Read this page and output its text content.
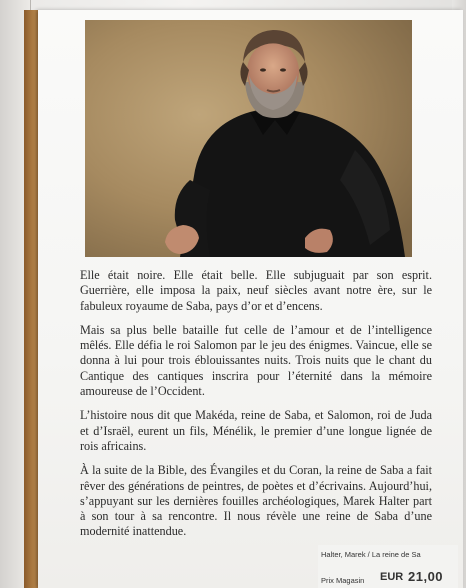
Elle était noire. Elle était belle. Elle subjuguait par son esprit. Guerrière, elle imposa la paix, neuf siècles avant notre ère, sur le fabuleux royaume de Saba, pays d’or et d’encens.

Mais sa plus belle bataille fut celle de l’amour et de l’intelligence mêlés. Elle défia le roi Salomon par le jeu des énigmes. Vaincue, elle se donna à lui pour trois éblouissantes nuits. Trois nuits que le chant du Cantique des cantiques inscrira pour l’éternité dans la mémoire amoureuse de l’Occident.

L’histoire nous dit que Makéda, reine de Saba, et Salomon, roi de Juda et d’Israël, eurent un fils, Ménélik, le premier d’une longue lignée de rois africains.

À la suite de la Bible, des Évangiles et du Coran, la reine de Saba a fait rêver des générations de peintres, de poètes et d’écrivains. Aujourd’hui, s’appuyant sur les dernières fouilles archéologiques, Marek Halter part à son tour à sa rencontre. Il nous révèle une reine de Saba d’une modernité inattendue.

Halter, Marek / La reine de Sa
Prix Magasin EUR 21,00
